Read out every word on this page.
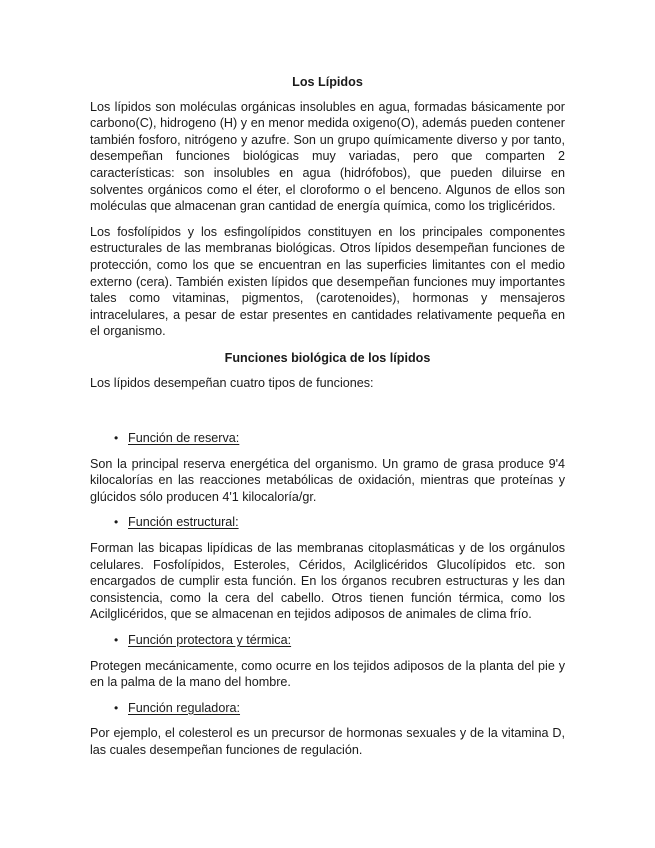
Los Lípidos

Los lípidos son moléculas orgánicas insolubles en agua, formadas básicamente por carbono(C), hidrogeno (H) y en menor medida oxigeno(O), además pueden contener también fosforo, nitrógeno y azufre. Son un grupo químicamente diverso y por tanto, desempeñan funciones biológicas muy variadas, pero que comparten 2 características: son insolubles en agua (hidrófobos), que pueden diluirse en solventes orgánicos como el éter, el cloroformo o el benceno. Algunos de ellos son moléculas que almacenan gran cantidad de energía química, como los triglicéridos.

Los fosfolípidos y los esfingolípidos constituyen en los principales componentes estructurales de las membranas biológicas. Otros lípidos desempeñan funciones de protección, como los que se encuentran en las superficies limitantes con el medio externo (cera). También existen lípidos que desempeñan funciones muy importantes tales como vitaminas, pigmentos, (carotenoides), hormonas y mensajeros intracelulares, a pesar de estar presentes en cantidades relativamente pequeña en el organismo.

Funciones biológica de los lípidos

Los lípidos desempeñan cuatro tipos de funciones:

• Función de reserva:

Son la principal reserva energética del organismo. Un gramo de grasa produce 9'4 kilocalorías en las reacciones metabólicas de oxidación, mientras que proteínas y glúcidos sólo producen 4'1 kilocaloría/gr.

• Función estructural:

Forman las bicapas lipídicas de las membranas citoplasmáticas y de los orgánulos celulares. Fosfolípidos, Esteroles, Céridos, Acilglicéridos Glucolípidos etc. son encargados de cumplir esta función. En los órganos recubren estructuras y les dan consistencia, como la cera del cabello. Otros tienen función térmica, como los Acilglicéridos, que se almacenan en tejidos adiposos de animales de clima frío.

• Función protectora y térmica:

Protegen mecánicamente, como ocurre en los tejidos adiposos de la planta del pie y en la palma de la mano del hombre.

• Función reguladora:

Por ejemplo, el colesterol es un precursor de hormonas sexuales y de la vitamina D, las cuales desempeñan funciones de regulación.
